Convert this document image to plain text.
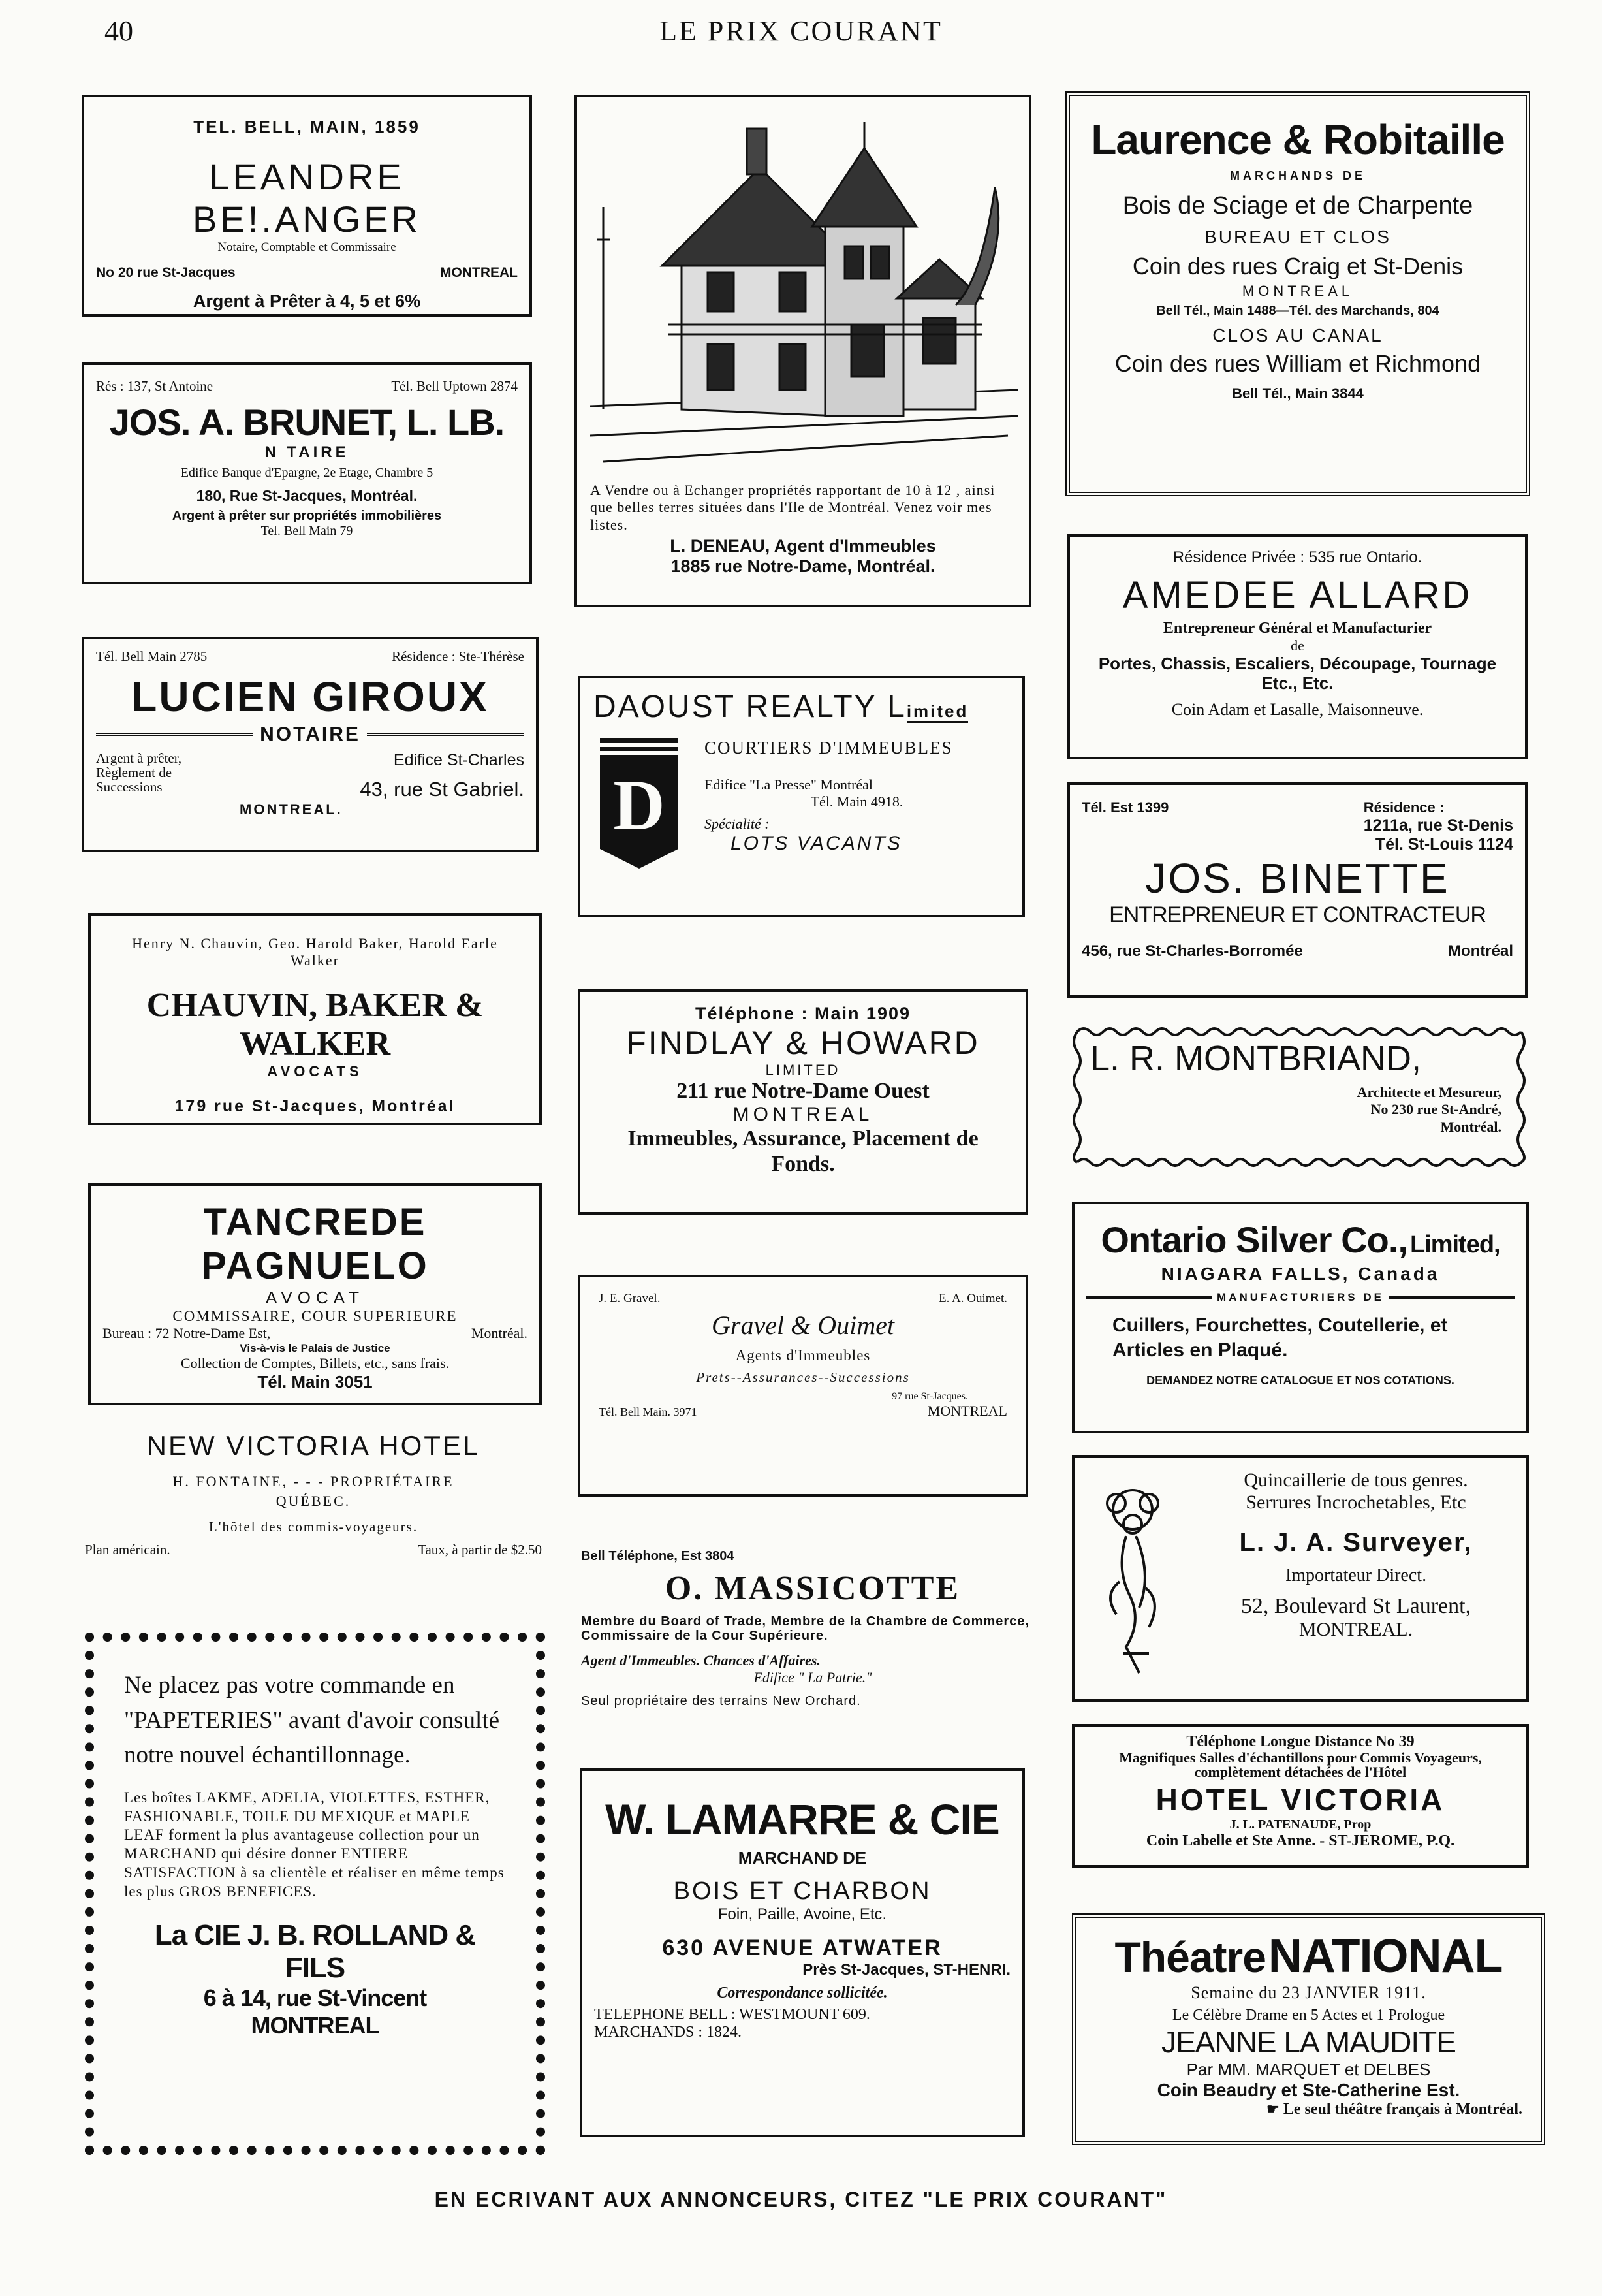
40	LE PRIX COURANT
TEL. BELL, MAIN, 1859
LEANDRE BE!.ANGER
Notaire, Comptable et Commissaire
No 20 rue St-Jacques	MONTREAL
Argent à Prêter à 4, 5 et 6%
Rés : 137, St Antoine	Tél. Bell Uptown 2874
JOS. A. BRUNET, L. LB.
N TAIRE
Edifice Banque d'Epargne, 2e Etage, Chambre 5
180, Rue St-Jacques, Montréal.
Argent à prêter sur propriétés immobilières
Tel. Bell Main 79
Tél. Bell Main 2785	Résidence : Ste-Thérèse
LUCIEN GIROUX
NOTAIRE
Argent à prêter,
Règlement de
Successions
Edifice St-Charles
43, rue St Gabriel.
MONTREAL.
Henry N. Chauvin, Geo. Harold Baker, Harold Earle Walker
CHAUVIN, BAKER & WALKER
AVOCATS
179 rue St-Jacques, Montréal
TANCREDE PAGNUELO
AVOCAT
COMMISSAIRE, COUR SUPERIEURE
Bureau : 72 Notre-Dame Est,	Montréal.
Vis-à-vis le Palais de Justice
Collection de Comptes, Billets, etc., sans frais.
Tél. Main 3051
NEW VICTORIA HOTEL
H. FONTAINE, - - - PROPRIÉTAIRE
QUÉBEC.
L'hôtel des commis-voyageurs.
Plan américain.	Taux, à partir de $2.50
Ne placez pas votre commande en "PAPETERIES" avant d'avoir consulté notre nouvel échantillonnage.
Les boîtes LAKME, ADELIA, VIOLETTES, ESTHER, FASHIONABLE, TOILE DU MEXIQUE et MAPLE LEAF forment la plus avantageuse collection pour un MARCHAND qui désire donner ENTIERE SATISFACTION à sa clientèle et réaliser en même temps les plus GROS BENEFICES.
La CIE J. B. ROLLAND & FILS
6 à 14, rue St-Vincent
MONTREAL
A Vendre ou à Echanger propriétés rapportant de 10 à 12 , ainsi que belles terres situées dans l'Ile de Montréal. Venez voir mes listes.
L. DENEAU, Agent d'Immeubles
1885 rue Notre-Dame, Montréal.
DAOUST REALTY Limited
D
COURTIERS D'IMMEUBLES
Edifice "La Presse" Montréal
Tél. Main 4918.
Spécialité :
LOTS VACANTS
Téléphone : Main 1909
FINDLAY & HOWARD
LIMITED
211 rue Notre-Dame Ouest
MONTREAL
Immeubles, Assurance, Placement de Fonds.
J. E. Gravel.	E. A. Ouimet.
Gravel & Ouimet
Agents d'Immeubles
Prets--Assurances--Successions
97 rue St-Jacques.
Tél. Bell Main. 3971	MONTREAL
Bell Téléphone, Est 3804
O. MASSICOTTE
Membre du Board of Trade, Membre de la Chambre de Commerce, Commissaire de la Cour Supérieure.
Agent d'Immeubles. Chances d'Affaires.
Edifice " La Patrie."
Seul propriétaire des terrains New Orchard.
W. LAMARRE & CIE
MARCHAND DE
BOIS ET CHARBON
Foin, Paille, Avoine, Etc.
630 AVENUE ATWATER
Près St-Jacques, ST-HENRI.
Correspondance sollicitée.
TELEPHONE BELL : WESTMOUNT 609.
MARCHANDS : 1824.
Laurence & Robitaille
MARCHANDS DE
Bois de Sciage et de Charpente
BUREAU ET CLOS
Coin des rues Craig et St-Denis
MONTREAL
Bell Tél., Main 1488—Tél. des Marchands, 804
CLOS AU CANAL
Coin des rues William et Richmond
Bell Tél., Main 3844
Résidence Privée : 535 rue Ontario.
AMEDEE ALLARD
Entrepreneur Général et Manufacturier
de
Portes, Chassis, Escaliers, Découpage, Tournage Etc., Etc.
Coin Adam et Lasalle, Maisonneuve.
Tél. Est 1399	Résidence :
1211a, rue St-Denis
Tél. St-Louis 1124
JOS. BINETTE
ENTREPRENEUR ET CONTRACTEUR
456, rue St-Charles-Borromée	Montréal
L. R. MONTBRIAND,
Architecte et Mesureur,
No 230 rue St-André,
Montréal.
Ontario Silver Co., Limited,
NIAGARA FALLS, Canada
MANUFACTURIERS DE
Cuillers, Fourchettes, Coutellerie, et Articles en Plaqué.
DEMANDEZ NOTRE CATALOGUE ET NOS COTATIONS.
Quincaillerie de tous genres.
Serrures Incrochetables, Etc
L. J. A. Surveyer,
Importateur Direct.
52, Boulevard St Laurent,
MONTREAL.
Téléphone Longue Distance No 39
Magnifiques Salles d'échantillons pour Commis Voyageurs, complètement détachées de l'Hôtel
HOTEL VICTORIA
J. L. PATENAUDE, Prop
Coin Labelle et Ste Anne. - ST-JEROME, P.Q.
Théatre NATIONAL
Semaine du 23 JANVIER 1911.
Le Célèbre Drame en 5 Actes et 1 Prologue
JEANNE LA MAUDITE
Par MM. MARQUET et DELBES
Coin Beaudry et Ste-Catherine Est.
☛ Le seul théâtre français à Montréal.
EN ECRIVANT AUX ANNONCEURS, CITEZ "LE PRIX COURANT"
